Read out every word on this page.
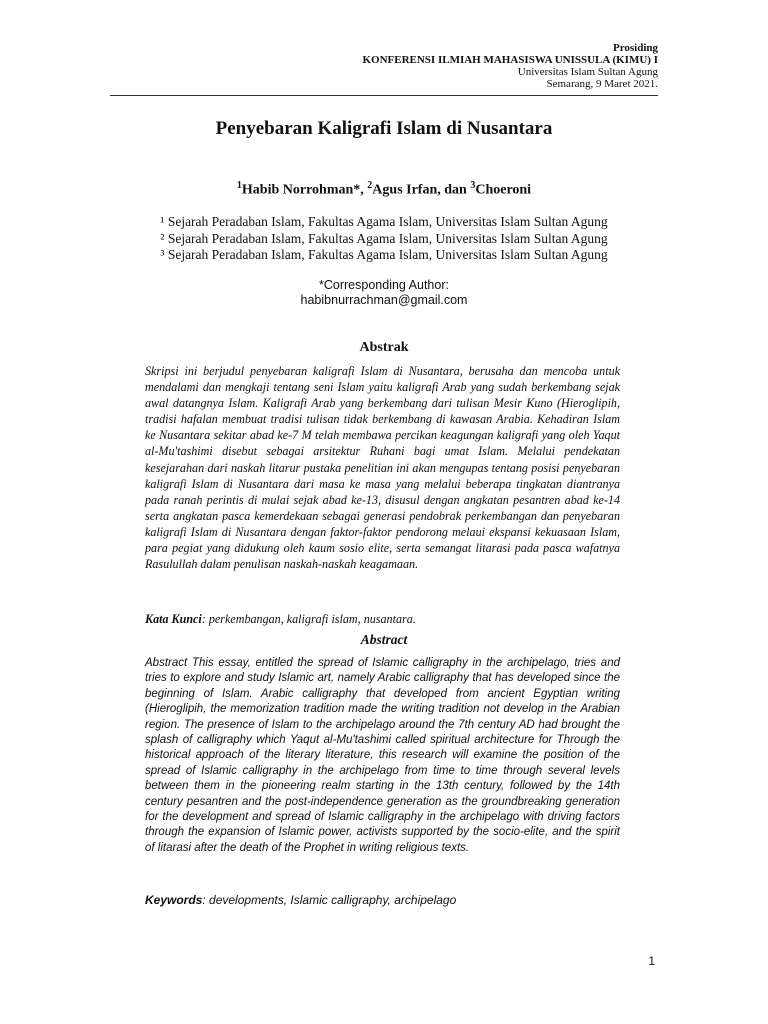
Prosiding
KONFERENSI ILMIAH MAHASISWA UNISSULA (KIMU) I
Universitas Islam Sultan Agung
Semarang, 9 Maret 2021.
Penyebaran Kaligrafi Islam di Nusantara
$^1$Habib Norrohman*, $^2$Agus Irfan, dan $^3$Choeroni
¹ Sejarah Peradaban Islam, Fakultas Agama Islam, Universitas Islam Sultan Agung
² Sejarah Peradaban Islam, Fakultas Agama Islam, Universitas Islam Sultan Agung
³ Sejarah Peradaban Islam, Fakultas Agama Islam, Universitas Islam Sultan Agung
*Corresponding Author:
habibnurrachman@gmail.com
Abstrak

Skripsi ini berjudul penyebaran kaligrafi Islam di Nusantara, berusaha dan mencoba untuk mendalami dan mengkaji tentang seni Islam yaitu kaligrafi Arab yang sudah berkembang sejak awal datangnya Islam. Kaligrafi Arab yang berkembang dari tulisan Mesir Kuno (Hieroglipih, tradisi hafalan membuat tradisi tulisan tidak berkembang di kawasan Arabia. Kehadiran Islam ke Nusantara sekitar abad ke-7 M telah membawa percikan keagungan kaligrafi yang oleh Yaqut al-Mu'tashimi disebut sebagai arsitektur Ruhani bagi umat Islam. Melalui pendekatan kesejarahan dari naskah litarur pustaka penelitian ini akan mengupas tentang posisi penyebaran kaligrafi Islam di Nusantara dari masa ke masa yang melalui beberapa tingkatan diantranya pada ranah perintis di mulai sejak abad ke-13, disusul dengan angkatan pesantren abad ke-14 serta angkatan pasca kemerdekaan sebagai generasi pendobrak perkembangan dan penyebaran kaligrafi Islam di Nusantara dengan faktor-faktor pendorong melaui ekspansi kekuasaan Islam, para pegiat yang didukung oleh kaum sosio elite, serta semangat litarasi pada pasca wafatnya Rasulullah dalam penulisan naskah-naskah keagamaan.

Kata Kunci: perkembangan, kaligrafi islam, nusantara.

Abstract

Abstract This essay, entitled the spread of Islamic calligraphy in the archipelago, tries and tries to explore and study Islamic art, namely Arabic calligraphy that has developed since the beginning of Islam. Arabic calligraphy that developed from ancient Egyptian writing (Hieroglipih, the memorization tradition made the writing tradition not develop in the Arabian region. The presence of Islam to the archipelago around the 7th century AD had brought the splash of calligraphy which Yaqut al-Mu'tashimi called spiritual architecture for Through the historical approach of the literary literature, this research will examine the position of the spread of Islamic calligraphy in the archipelago from time to time through several levels between them in the pioneering realm starting in the 13th century, followed by the 14th century pesantren and the post-independence generation as the groundbreaking generation for the development and spread of Islamic calligraphy in the archipelago with driving factors through the expansion of Islamic power, activists supported by the socio-elite, and the spirit of litarasi after the death of the Prophet in writing religious texts.

Keywords: developments, Islamic calligraphy, archipelago

1
